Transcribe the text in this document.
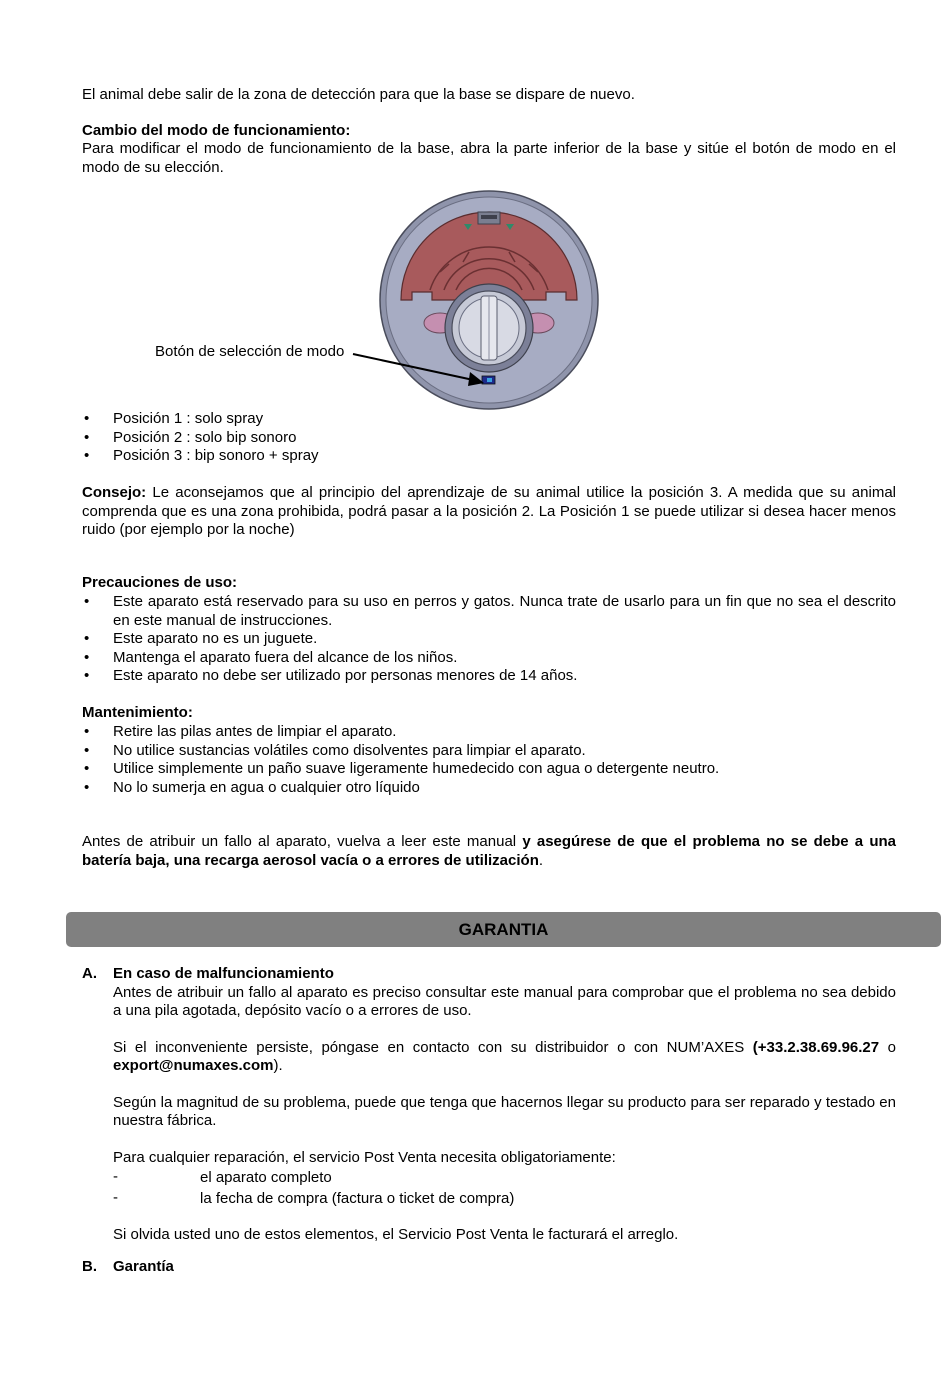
El animal debe salir de la zona de detección para que la base se dispare de nuevo.
Cambio del modo de funcionamiento:
Para modificar el modo de funcionamiento de la base, abra la parte inferior de la base y sitúe el botón de modo en el modo de su elección.
Botón de selección de modo
• Posición 1 : solo spray
• Posición 2 : solo bip sonoro
• Posición 3 : bip sonoro + spray
Consejo: Le aconsejamos que al principio del aprendizaje de su animal utilice la posición 3. A medida que su animal comprenda que es una zona prohibida, podrá pasar a la posición 2. La Posición 1 se puede utilizar si desea hacer menos ruido (por ejemplo por la noche)
Precauciones de uso:
• Este aparato está reservado para su uso en perros y gatos. Nunca trate de usarlo para un fin que no sea el descrito en este manual de instrucciones.
• Este aparato no es un juguete.
• Mantenga el aparato fuera del alcance de los niños.
• Este aparato no debe ser utilizado por personas menores de 14 años.
Mantenimiento:
• Retire las pilas antes de limpiar el aparato.
• No utilice sustancias volátiles como disolventes para limpiar el aparato.
• Utilice simplemente un paño suave ligeramente humedecido con agua o detergente neutro.
• No lo sumerja en agua o cualquier otro líquido
Antes de atribuir un fallo al aparato, vuelva a leer este manual y asegúrese de que el problema no se debe a una batería baja, una recarga aerosol vacía o a errores de utilización.
GARANTIA
A. En caso de malfuncionamiento

Antes de atribuir un fallo al aparato es preciso consultar este manual para comprobar que el problema no sea debido a una pila agotada, depósito vacío o a errores de uso.

Si el inconveniente persiste, póngase en contacto con su distribuidor o con NUM’AXES (+33.2.38.69.96.27 o export@numaxes.com).

Según la magnitud de su problema, puede que tenga que hacernos llegar su producto para ser reparado y testado en nuestra fábrica.

Para cualquier reparación, el servicio Post Venta necesita obligatoriamente:

-	el aparato completo
-	la fecha de compra (factura o ticket de compra)

Si olvida usted uno de estos elementos, el Servicio Post Venta le facturará el arreglo.

B. Garantía
